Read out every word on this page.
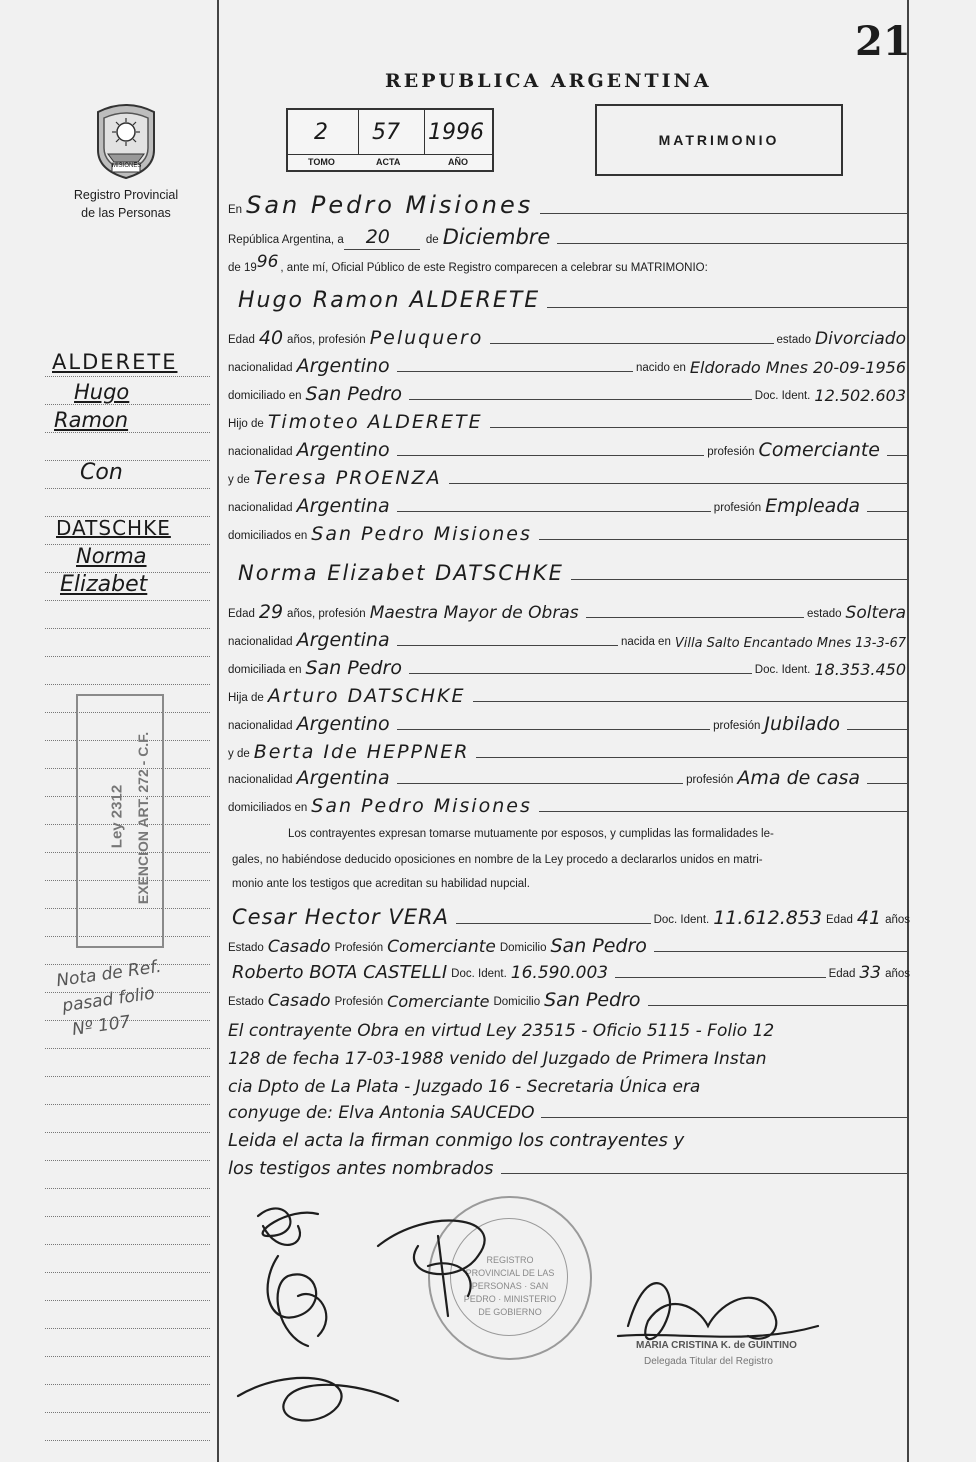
21
MISIONES
Registro Provincial
de las Personas
REPUBLICA ARGENTINA
2 57 1996
TOMO	ACTA	AÑO
MATRIMONIO
ALDERETE
Hugo
Ramon
Con
DATSCHKE
Norma
Elizabet
Ley 2312 EXENCION ART. 272 - C.F.
Nota de Ref.
pasad folio
Nº 107
En San Pedro Misiones
República Argentina, a	20	de Diciembre
de 19 96 , ante mí, Oficial Público de este Registro comparecen a celebrar su MATRIMONIO:
Hugo Ramon ALDERETE
Edad 40 años, profesión Peluquero	estado Divorciado
nacionalidad Argentino	nacido en Eldorado Mnes 20-09-1956
domiciliado en San Pedro	Doc. Ident. 12.502.603
Hijo de Timoteo ALDERETE
nacionalidad Argentino	profesión Comerciante
y de Teresa PROENZA
nacionalidad Argentina	profesión Empleada
domiciliados en San Pedro Misiones
Norma Elizabet DATSCHKE
Edad 29 años, profesión Maestra Mayor de Obras	estado Soltera
nacionalidad Argentina	nacida en Villa Salto Encantado Mnes 13-3-67
domiciliada en San Pedro	Doc. Ident. 18.353.450
Hija de Arturo DATSCHKE
nacionalidad Argentino	profesión Jubilado
y de Berta Ide HEPPNER
nacionalidad Argentina	profesión Ama de casa
domiciliados en San Pedro Misiones
Los contrayentes expresan tomarse mutuamente por esposos, y cumplidas las formalidades le-
gales, no habiéndose deducido oposiciones en nombre de la Ley procedo a declararlos unidos en matri-
monio ante los testigos que acreditan su habilidad nupcial.
Cesar Hector VERA	Doc. Ident. 11.612.853 Edad 41 años
Estado Casado Profesión Comerciante Domicilio San Pedro
Roberto BOTA CASTELLI Doc. Ident. 16.590.003	Edad 33 años
Estado Casado Profesión Comerciante Domicilio San Pedro
El contrayente Obra en virtud Ley 23515 - Oficio 5115 - Folio 12
128 de fecha 17-03-1988 venido del Juzgado de Primera Instan
cia Dpto de La Plata - Juzgado 16 - Secretaria Única era
conyuge de: Elva Antonia SAUCEDO
Leida el acta la firman conmigo los contrayentes y
los testigos antes nombrados
REGISTRO PROVINCIAL DE LAS PERSONAS · SAN PEDRO · MINISTERIO DE GOBIERNO
MARIA CRISTINA K. de GUINTINO
Delegada Titular del Registro
